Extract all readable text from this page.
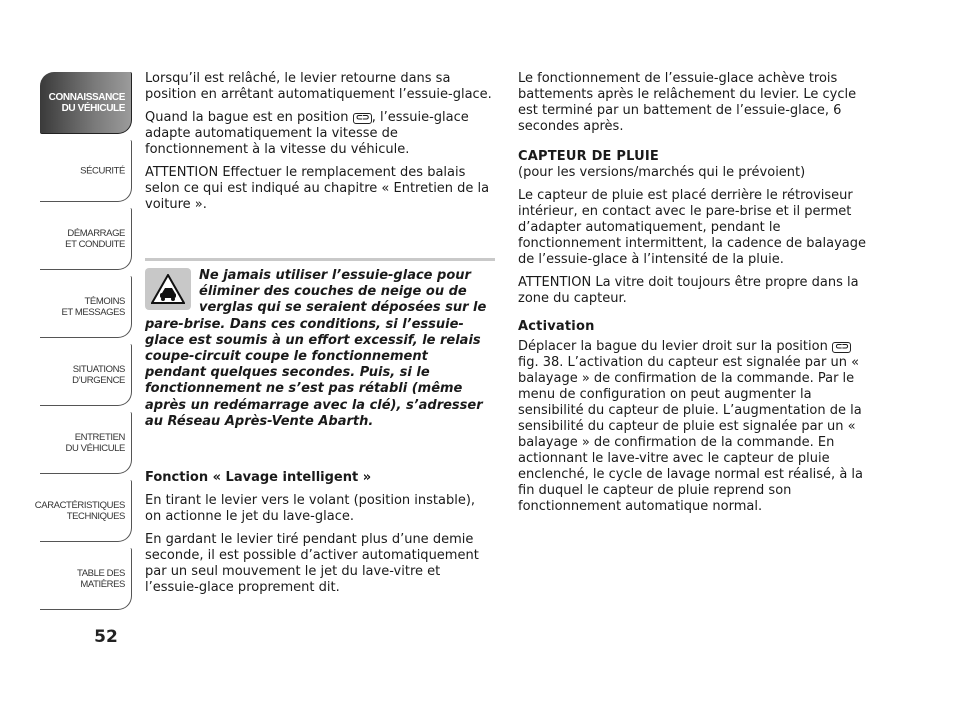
CONNAISSANCE
DU VÉHICULE
SÉCURITÉ
DÉMARRAGE
ET CONDUITE
TÉMOINS
ET MESSAGES
SITUATIONS
D’URGENCE
ENTRETIEN
DU VÉHICULE
CARACTÉRISTIQUES
TECHNIQUES
TABLE DES
MATIÈRES
52

Lorsqu’il est relâché, le levier retourne dans sa position en arrêtant automatiquement l’essuie-glace.

Quand la bague est en position ⊂⊃ , l’essuie-glace adapte automatiquement la vitesse de fonctionnement à la vitesse du véhicule.

ATTENTION Effectuer le remplacement des balais selon ce qui est indiqué au chapitre « Entretien de la voiture ».

Ne jamais utiliser l’essuie-glace pour éliminer des couches de neige ou de verglas qui se seraient déposées sur le pare-brise. Dans ces conditions, si l’essuie-glace est soumis à un effort excessif, le relais coupe-circuit coupe le fonctionnement pendant quelques secondes. Puis, si le fonctionnement ne s’est pas rétabli (même après un redémarrage avec la clé), s’adresser au Réseau Après-Vente Abarth.

Fonction « Lavage intelligent »

En tirant le levier vers le volant (position instable), on actionne le jet du lave-glace.

En gardant le levier tiré pendant plus d’une demie seconde, il est possible d’activer automatiquement par un seul mouvement le jet du lave-vitre et l’essuie-glace proprement dit.

Le fonctionnement de l’essuie-glace achève trois battements après le relâchement du levier. Le cycle est terminé par un battement de l’essuie-glace, 6 secondes après.

CAPTEUR DE PLUIE
(pour les versions/marchés qui le prévoient)

Le capteur de pluie est placé derrière le rétroviseur intérieur, en contact avec le pare-brise et il permet d’adapter automatiquement, pendant le fonctionnement intermittent, la cadence de balayage de l’essuie-glace à l’intensité de la pluie.

ATTENTION La vitre doit toujours être propre dans la zone du capteur.

Activation

Déplacer la bague du levier droit sur la position ⊂⊃ fig. 38. L’activation du capteur est signalée par un « balayage » de confirmation de la commande. Par le menu de configuration on peut augmenter la sensibilité du capteur de pluie. L’augmentation de la sensibilité du capteur de pluie est signalée par un « balayage » de confirmation de la commande. En actionnant le lave-vitre avec le capteur de pluie enclenché, le cycle de lavage normal est réalisé, à la fin duquel le capteur de pluie reprend son fonctionnement automatique normal.
